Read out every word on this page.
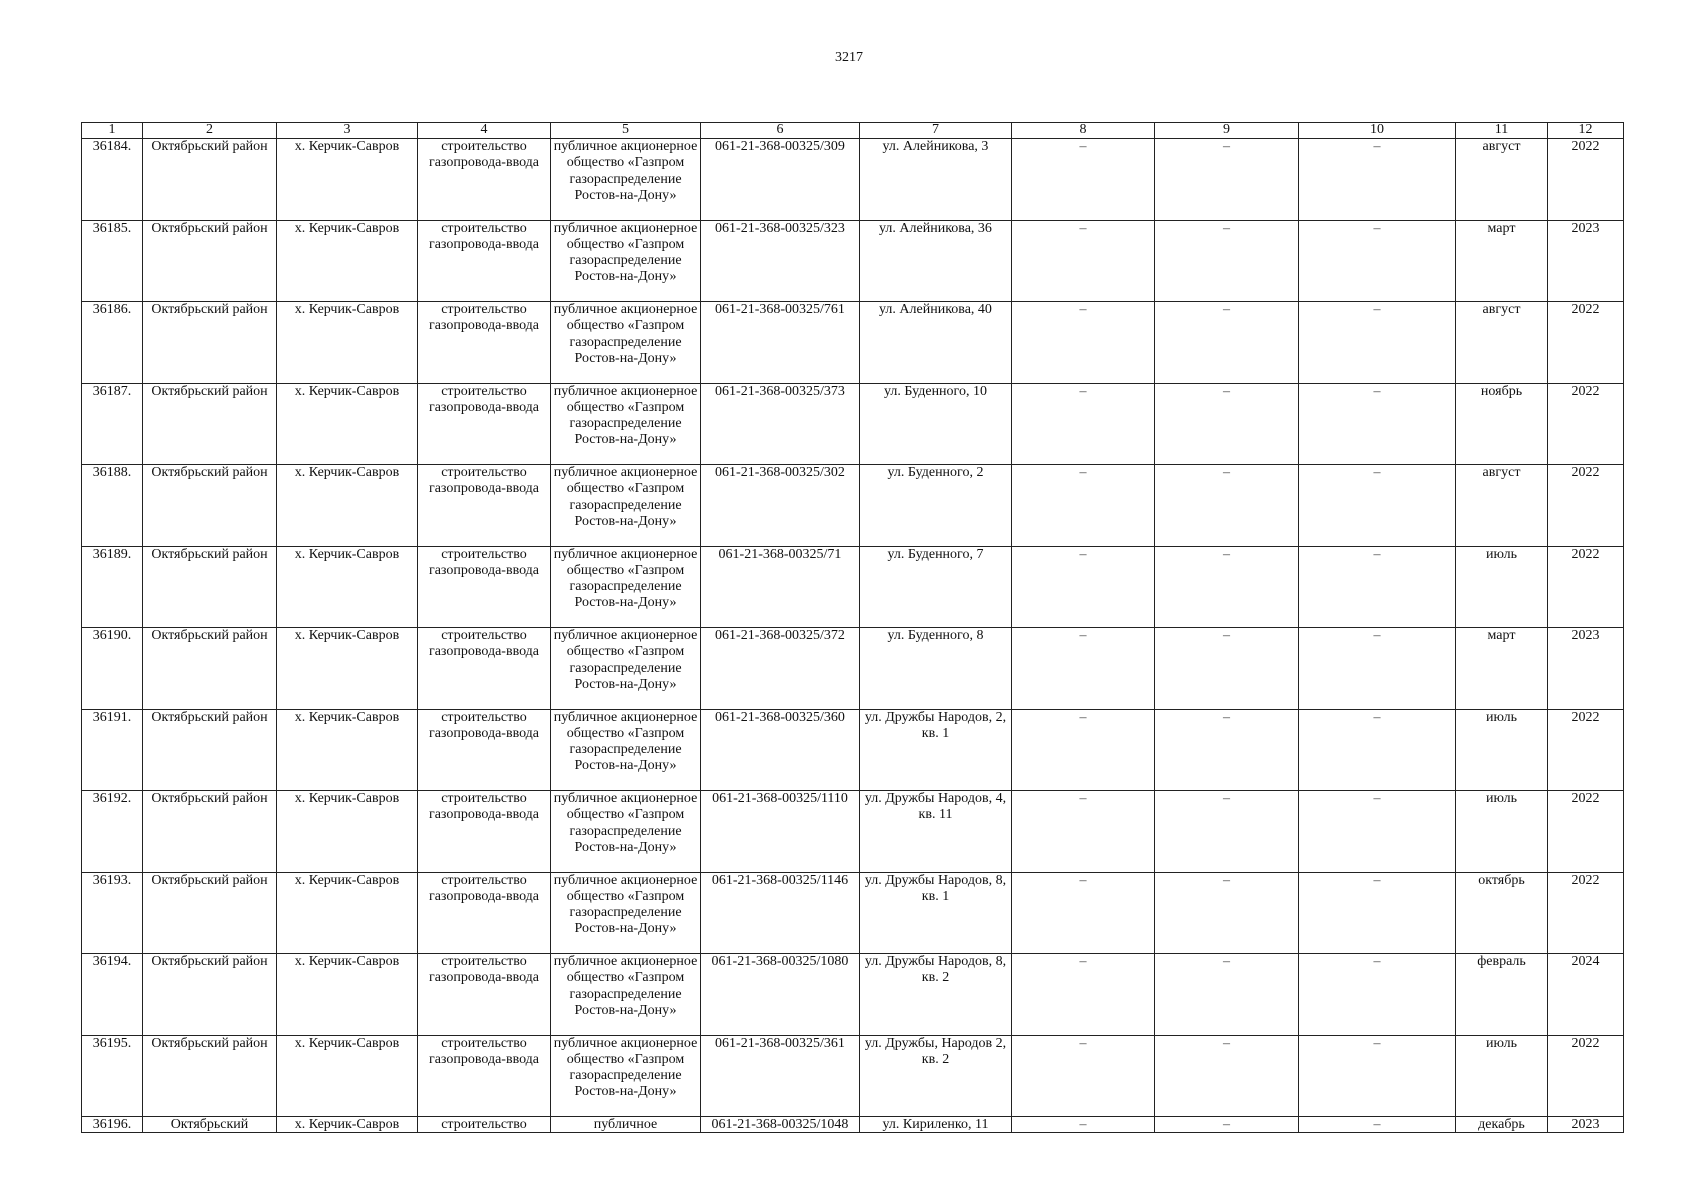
3217
1	2	3	4	5	6	7	8	9	10	11	12
36184.	Октябрьский район	х. Керчик-Савров	строительство газопровода-ввода	публичное акционерное общество «Газпром газораспределение Ростов-на-Дону»	061-21-368-00325/309	ул. Алейникова, 3	–	–	–	август	2022
36185.	Октябрьский район	х. Керчик-Савров	строительство газопровода-ввода	публичное акционерное общество «Газпром газораспределение Ростов-на-Дону»	061-21-368-00325/323	ул. Алейникова, 36	–	–	–	март	2023
36186.	Октябрьский район	х. Керчик-Савров	строительство газопровода-ввода	публичное акционерное общество «Газпром газораспределение Ростов-на-Дону»	061-21-368-00325/761	ул. Алейникова, 40	–	–	–	август	2022
36187.	Октябрьский район	х. Керчик-Савров	строительство газопровода-ввода	публичное акционерное общество «Газпром газораспределение Ростов-на-Дону»	061-21-368-00325/373	ул. Буденного, 10	–	–	–	ноябрь	2022
36188.	Октябрьский район	х. Керчик-Савров	строительство газопровода-ввода	публичное акционерное общество «Газпром газораспределение Ростов-на-Дону»	061-21-368-00325/302	ул. Буденного, 2	–	–	–	август	2022
36189.	Октябрьский район	х. Керчик-Савров	строительство газопровода-ввода	публичное акционерное общество «Газпром газораспределение Ростов-на-Дону»	061-21-368-00325/71	ул. Буденного, 7	–	–	–	июль	2022
36190.	Октябрьский район	х. Керчик-Савров	строительство газопровода-ввода	публичное акционерное общество «Газпром газораспределение Ростов-на-Дону»	061-21-368-00325/372	ул. Буденного, 8	–	–	–	март	2023
36191.	Октябрьский район	х. Керчик-Савров	строительство газопровода-ввода	публичное акционерное общество «Газпром газораспределение Ростов-на-Дону»	061-21-368-00325/360	ул. Дружбы Народов, 2, кв. 1	–	–	–	июль	2022
36192.	Октябрьский район	х. Керчик-Савров	строительство газопровода-ввода	публичное акционерное общество «Газпром газораспределение Ростов-на-Дону»	061-21-368-00325/1110	ул. Дружбы Народов, 4, кв. 11	–	–	–	июль	2022
36193.	Октябрьский район	х. Керчик-Савров	строительство газопровода-ввода	публичное акционерное общество «Газпром газораспределение Ростов-на-Дону»	061-21-368-00325/1146	ул. Дружбы Народов, 8, кв. 1	–	–	–	октябрь	2022
36194.	Октябрьский район	х. Керчик-Савров	строительство газопровода-ввода	публичное акционерное общество «Газпром газораспределение Ростов-на-Дону»	061-21-368-00325/1080	ул. Дружбы Народов, 8, кв. 2	–	–	–	февраль	2024
36195.	Октябрьский район	х. Керчик-Савров	строительство газопровода-ввода	публичное акционерное общество «Газпром газораспределение Ростов-на-Дону»	061-21-368-00325/361	ул. Дружбы, Народов 2, кв. 2	–	–	–	июль	2022
36196.	Октябрьский	х. Керчик-Савров	строительство	публичное	061-21-368-00325/1048	ул. Кириленко, 11	–	–	–	декабрь	2023
